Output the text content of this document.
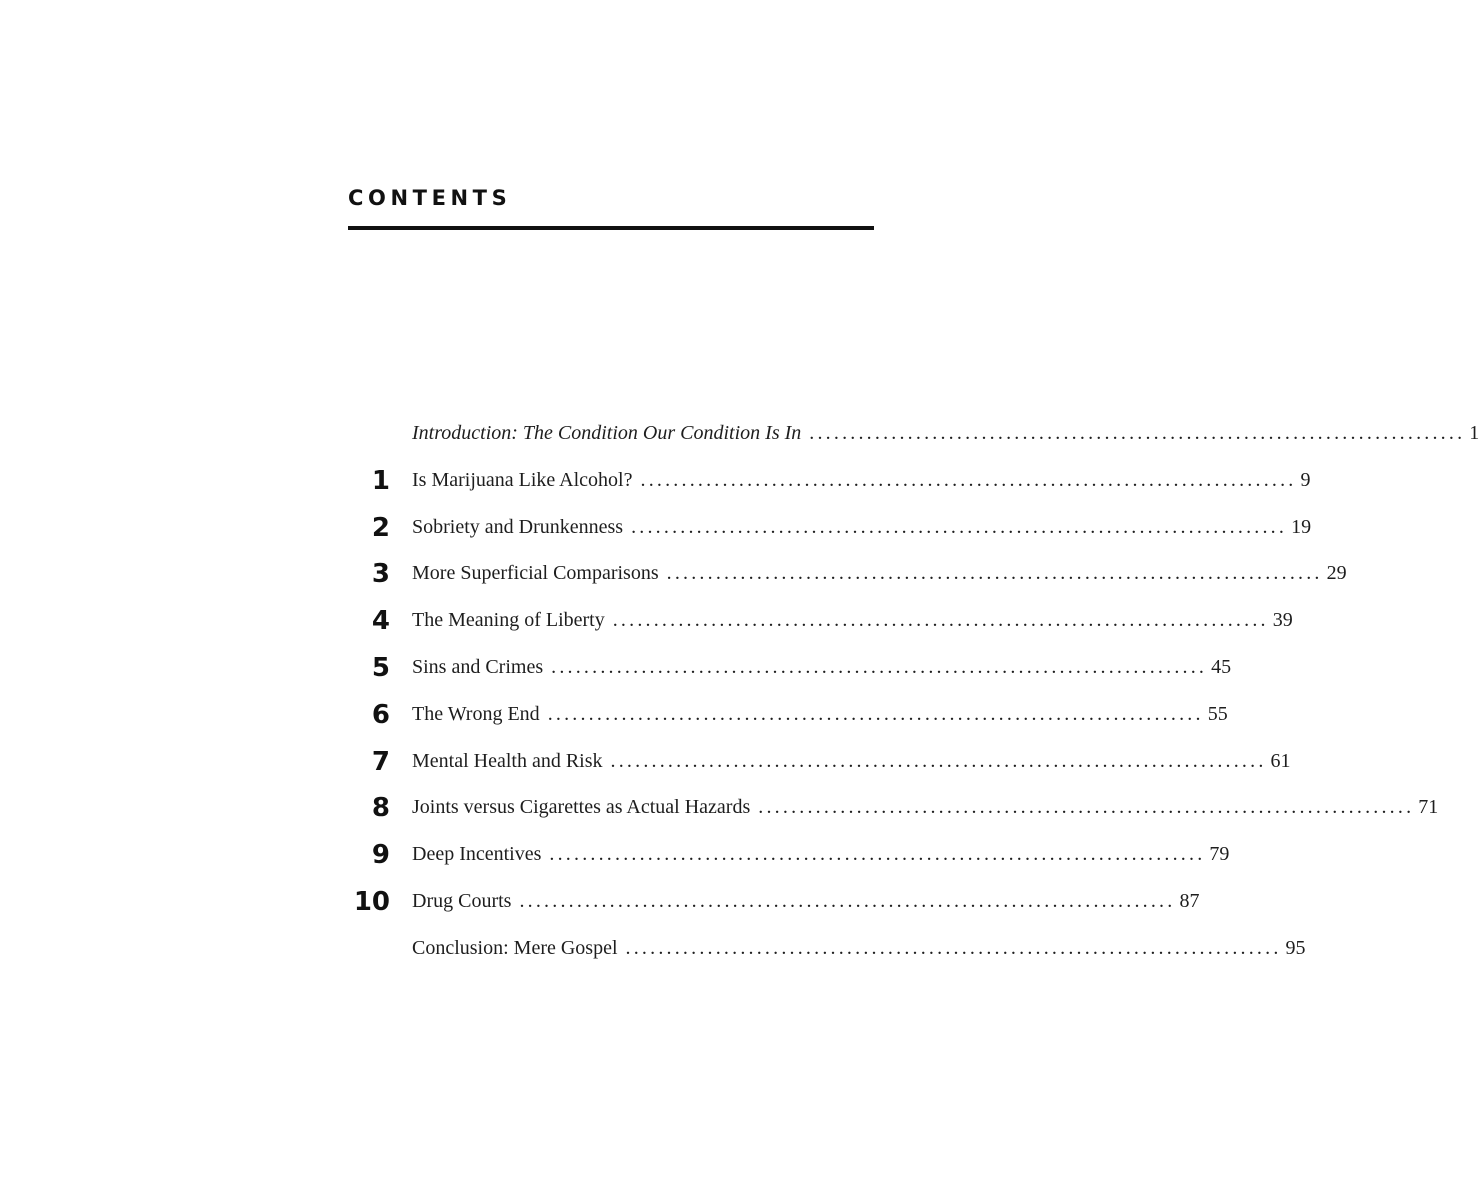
CONTENTS
Introduction: The Condition Our Condition Is In ................................................................................ 1
1 Is Marijuana Like Alcohol? ................................................................................ 9
2 Sobriety and Drunkenness ................................................................................ 19
3 More Superficial Comparisons ................................................................................ 29
4 The Meaning of Liberty ................................................................................ 39
5 Sins and Crimes ................................................................................ 45
6 The Wrong End ................................................................................ 55
7 Mental Health and Risk ................................................................................ 61
8 Joints versus Cigarettes as Actual Hazards ................................................................................ 71
9 Deep Incentives ................................................................................ 79
10 Drug Courts ................................................................................ 87
Conclusion: Mere Gospel ................................................................................ 95
